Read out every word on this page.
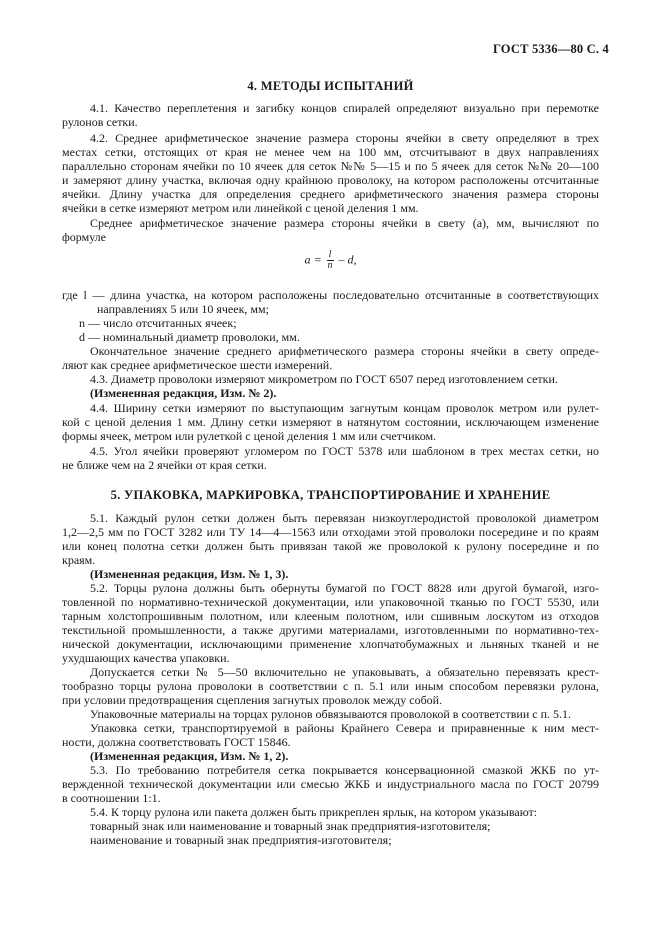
ГОСТ 5336—80 С. 4
4. МЕТОДЫ ИСПЫТАНИЙ
4.1. Качество переплетения и загибку концов спиралей определяют визуально при перемотке
рулонов сетки.
4.2. Среднее арифметическое значение размера стороны ячейки в свету определяют в трех
местах сетки, отстоящих от края не менее чем на 100 мм, отсчитывают в двух направлениях
параллельно сторонам ячейки по 10 ячеек для сеток №№ 5—15 и по 5 ячеек для сеток №№ 20—100
и замеряют длину участка, включая одну крайнюю проволоку, на котором расположены отсчитанные
ячейки. Длину участка для определения среднего арифметического значения размера стороны
ячейки в сетке измеряют метром или линейкой с ценой деления 1 мм.
Среднее арифметическое значение размера стороны ячейки в свету (а), мм, вычисляют по
формуле
$a = \frac{l}{n} - d$,
где l — длина участка, на котором расположены последовательно отсчитанные в соответствующих
направлениях 5 или 10 ячеек, мм;
n — число отсчитанных ячеек;
d — номинальный диаметр проволоки, мм.
Окончательное значение среднего арифметического размера стороны ячейки в свету опреде-
ляют как среднее арифметическое шести измерений.
4.3. Диаметр проволоки измеряют микрометром по ГОСТ 6507 перед изготовлением сетки.
(Измененная редакция, Изм. № 2).
4.4. Ширину сетки измеряют по выступающим загнутым концам проволок метром или рулет-
кой с ценой деления 1 мм. Длину сетки измеряют в натянутом состоянии, исключающем изменение
формы ячеек, метром или рулеткой с ценой деления 1 мм или счетчиком.
4.5. Угол ячейки проверяют угломером по ГОСТ 5378 или шаблоном в трех местах сетки, но
не ближе чем на 2 ячейки от края сетки.
5. УПАКОВКА, МАРКИРОВКА, ТРАНСПОРТИРОВАНИЕ И ХРАНЕНИЕ
5.1. Каждый рулон сетки должен быть перевязан низкоуглеродистой проволокой диаметром
1,2—2,5 мм по ГОСТ 3282 или ТУ 14—4—1563 или отходами этой проволоки посередине и по краям
или конец полотна сетки должен быть привязан такой же проволокой к рулону посередине и по
краям.
(Измененная редакция, Изм. № 1, 3).
5.2. Торцы рулона должны быть обернуты бумагой по ГОСТ 8828 или другой бумагой, изго-
товленной по нормативно-технической документации, или упаковочной тканью по ГОСТ 5530, или
тарным холстопрошивным полотном, или клееным полотном, или сшивным лоскутом из отходов
текстильной промышленности, а также другими материалами, изготовленными по нормативно-тех-
нической документации, исключающими применение хлопчатобумажных и льняных тканей и не
ухудшающих качества упаковки.
Допускается сетки № 5—50 включительно не упаковывать, а обязательно перевязать крест-
тообразно торцы рулона проволоки в соответствии с п. 5.1 или иным способом перевязки рулона,
при условии предотвращения сцепления загнутых проволок между собой.
Упаковочные материалы на торцах рулонов обвязываются проволокой в соответствии с п. 5.1.
Упаковка сетки, транспортируемой в районы Крайнего Севера и приравненные к ним мест-
ности, должна соответствовать ГОСТ 15846.
(Измененная редакция, Изм. № 1, 2).
5.3. По требованию потребителя сетка покрывается консервационной смазкой ЖКБ по ут-
вержденной технической документации или смесью ЖКБ и индустриального масла по ГОСТ 20799
в соотношении 1:1.
5.4. К торцу рулона или пакета должен быть прикреплен ярлык, на котором указывают:
товарный знак или наименование и товарный знак предприятия-изготовителя;
наименование и товарный знак предприятия-изготовителя;
